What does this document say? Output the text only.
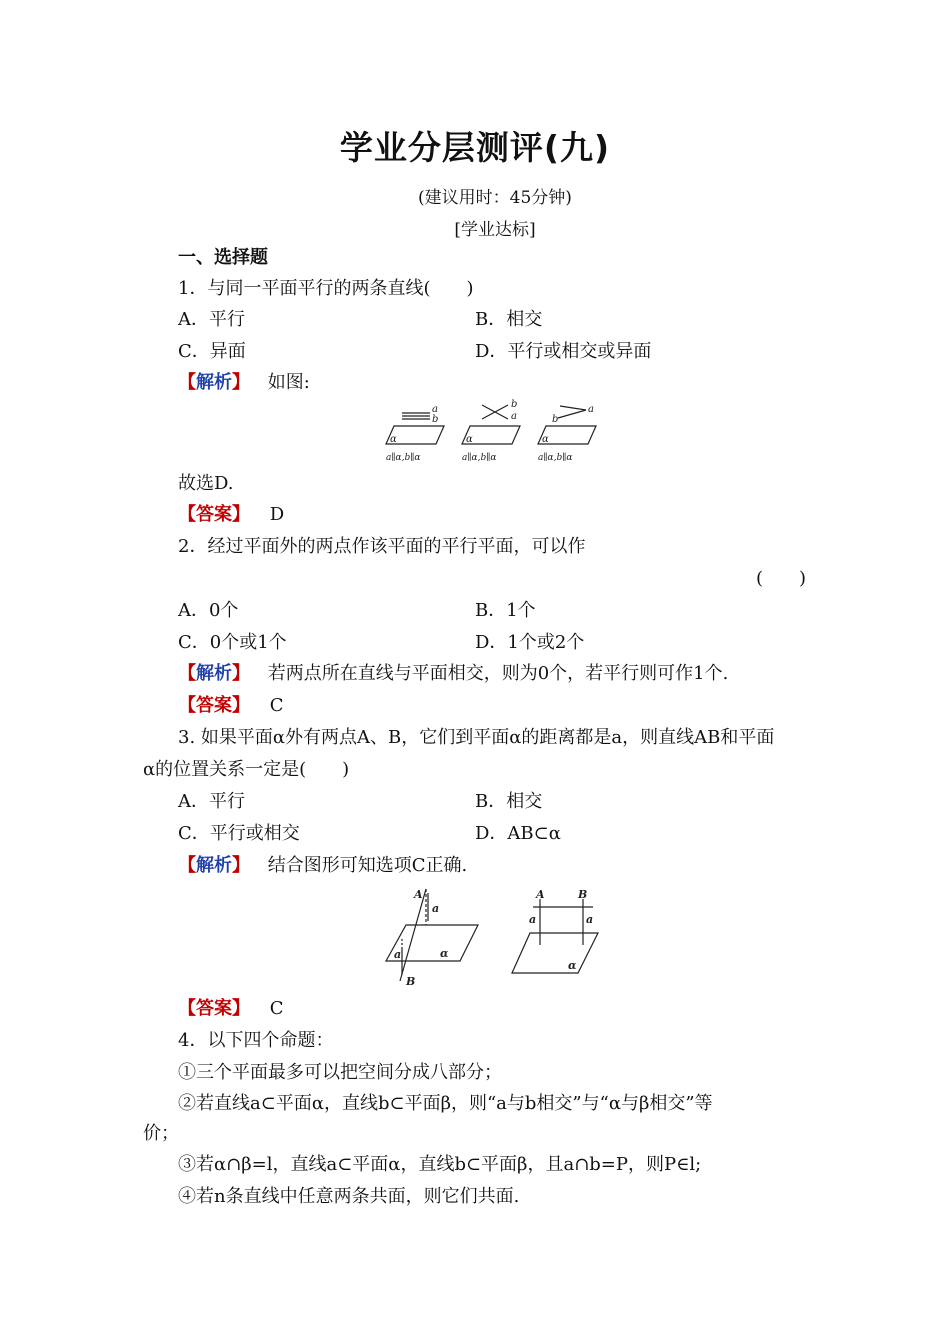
学业分层测评(九)
(建议用时：45分钟)
[学业达标]
一、选择题
1．与同一平面平行的两条直线(　　)
A．平行	B．相交
C．异面	D．平行或相交或异面
【解析】 如图:
a
b
α
b
a
α
a
b
α
a∥α,b∥α	a∥α,b∥α	a∥α,b∥α
故选D.
【答案】 D
2．经过平面外的两点作该平面的平行平面，可以作
(　　)
A．0个	B．1个
C．0个或1个	D．1个或2个
【解析】 若两点所在直线与平面相交，则为0个，若平行则可作1个.
【答案】 C
3. 如果平面α外有两点A、B，它们到平面α的距离都是a，则直线AB和平面
α的位置关系一定是(　　)
A．平行	B．相交
C．平行或相交	D．AB⊂α
【解析】 结合图形可知选项C正确.
A
a
a	α
B
A	B
a	a
α
【答案】 C
4．以下四个命题：
①三个平面最多可以把空间分成八部分；
②若直线a⊂平面α，直线b⊂平面β，则“a与b相交”与“α与β相交”等
价；
③若α∩β=l，直线a⊂平面α，直线b⊂平面β，且a∩b=P，则P∈l;
④若n条直线中任意两条共面，则它们共面.
